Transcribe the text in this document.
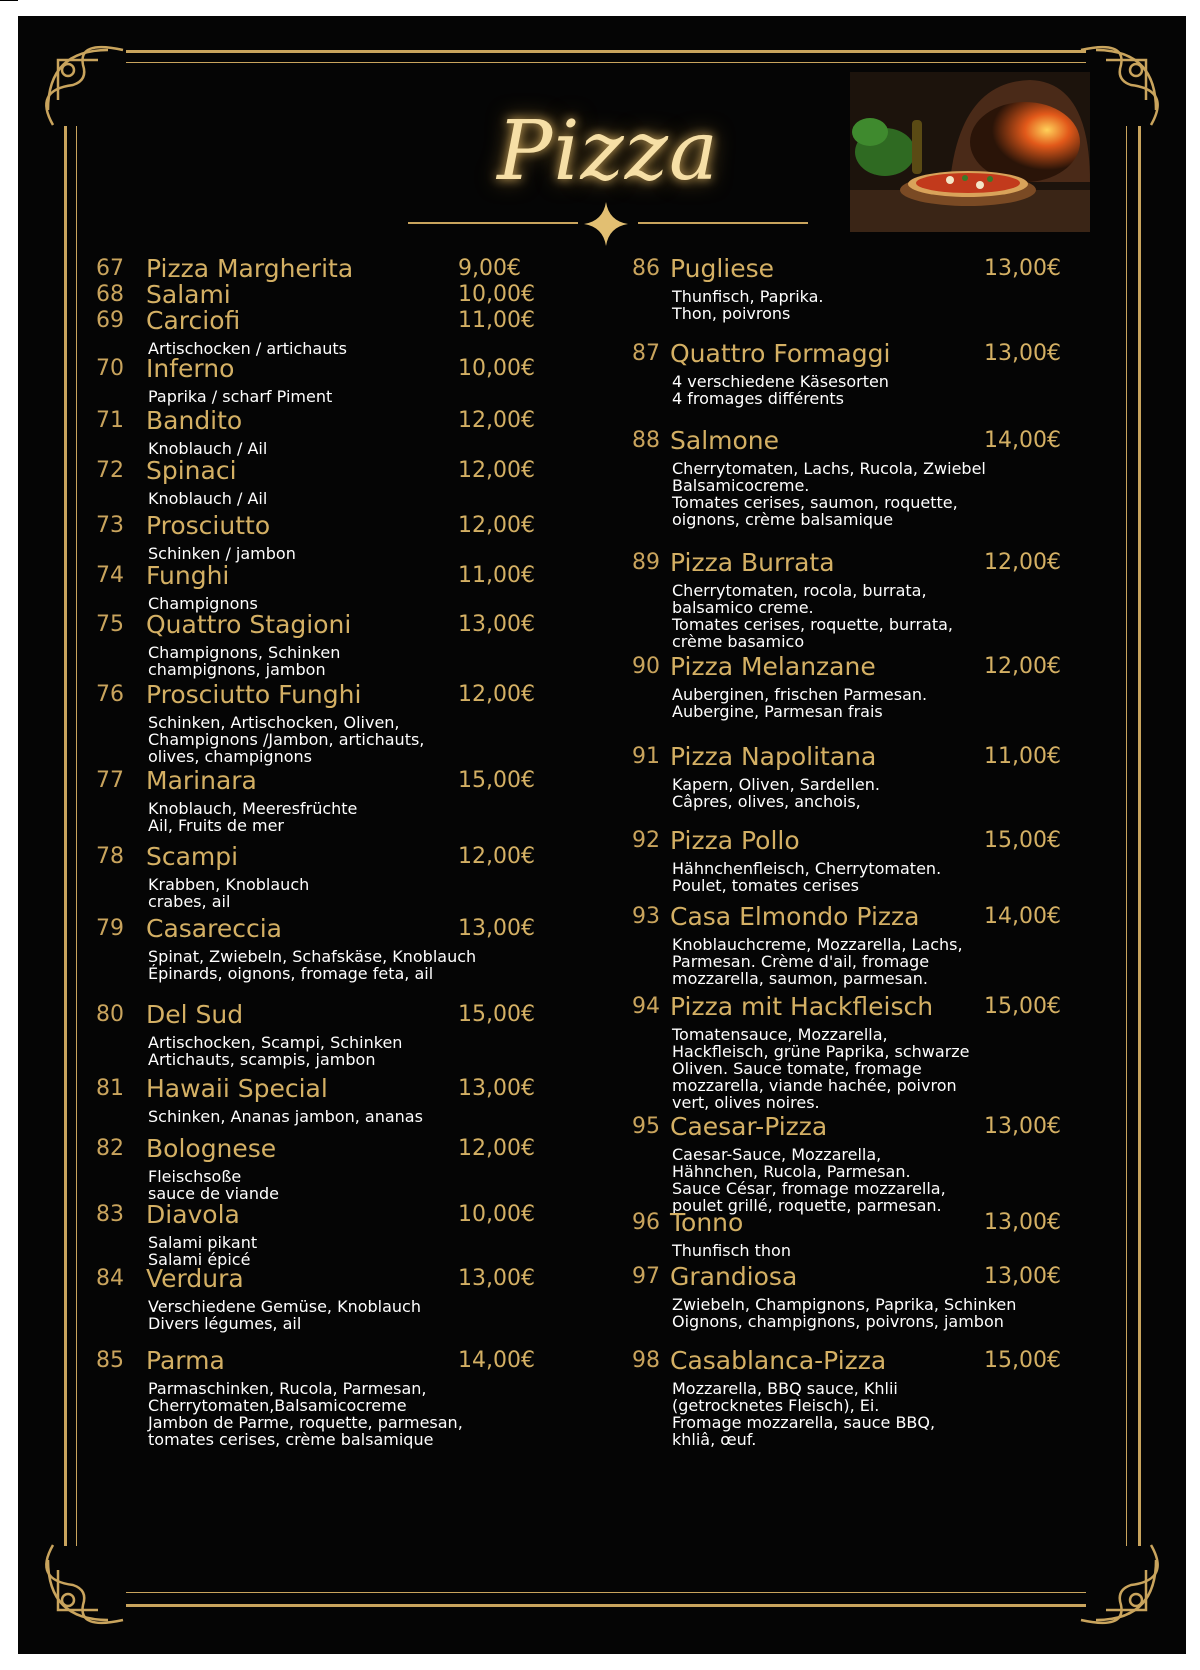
Pizza
67 Pizza Margherita	9,00€
68 Salami	10,00€
69 Carciofi	11,00€
Artischocken / artichauts
70 Inferno	10,00€
Paprika / scharf Piment
71 Bandito	12,00€
Knoblauch / Ail
72 Spinaci	12,00€
Knoblauch / Ail
73 Prosciutto	12,00€
Schinken / jambon
74 Funghi	11,00€
Champignons
75 Quattro Stagioni	13,00€
Champignons, Schinken
champignons, jambon
76 Prosciutto Funghi	12,00€
Schinken, Artischocken, Oliven,
Champignons /Jambon, artichauts,
olives, champignons
77 Marinara	15,00€
Knoblauch, Meeresfrüchte
Ail, Fruits de mer
78 Scampi	12,00€
Krabben, Knoblauch
crabes, ail
79 Casareccia	13,00€
Spinat, Zwiebeln, Schafskäse, Knoblauch
Épinards, oignons, fromage feta, ail
80 Del Sud	15,00€
Artischocken, Scampi, Schinken
Artichauts, scampis, jambon
81 Hawaii Special	13,00€
Schinken, Ananas jambon, ananas
82 Bolognese	12,00€
Fleischsoße
sauce de viande
83 Diavola	10,00€
Salami pikant
Salami épicé
84 Verdura	13,00€
Verschiedene Gemüse, Knoblauch
Divers légumes, ail
85 Parma	14,00€
Parmaschinken, Rucola, Parmesan,
Cherrytomaten,Balsamicocreme
Jambon de Parme, roquette, parmesan,
tomates cerises, crème balsamique
86 Pugliese	13,00€
Thunfisch, Paprika.
Thon, poivrons
87 Quattro Formaggi	13,00€
4 verschiedene Käsesorten
4 fromages différents
88 Salmone	14,00€
Cherrytomaten, Lachs, Rucola, Zwiebel
Balsamicocreme.
Tomates cerises, saumon, roquette,
oignons, crème balsamique
89 Pizza Burrata	12,00€
Cherrytomaten, rocola, burrata,
balsamico creme.
Tomates cerises, roquette, burrata,
crème basamico
90 Pizza Melanzane	12,00€
Auberginen, frischen Parmesan.
Aubergine, Parmesan frais
91 Pizza Napolitana	11,00€
Kapern, Oliven, Sardellen.
Câpres, olives, anchois,
92 Pizza Pollo	15,00€
Hähnchenfleisch, Cherrytomaten.
Poulet, tomates cerises
93 Casa Elmondo Pizza	14,00€
Knoblauchcreme, Mozzarella, Lachs,
Parmesan. Crème d'ail, fromage
mozzarella, saumon, parmesan.
94 Pizza mit Hackfleisch 15,00€
Tomatensauce, Mozzarella,
Hackfleisch, grüne Paprika, schwarze
Oliven. Sauce tomate, fromage
mozzarella, viande hachée, poivron
vert, olives noires.
95 Caesar-Pizza	13,00€
Caesar-Sauce, Mozzarella,
Hähnchen, Rucola, Parmesan.
Sauce César, fromage mozzarella,
poulet grillé, roquette, parmesan.
96 Tonno	13,00€
Thunfisch thon
97 Grandiosa	13,00€
Zwiebeln, Champignons, Paprika, Schinken
Oignons, champignons, poivrons, jambon
98 Casablanca-Pizza	15,00€
Mozzarella, BBQ sauce, Khlii
(getrocknetes Fleisch), Ei.
Fromage mozzarella, sauce BBQ,
khliâ, œuf.
